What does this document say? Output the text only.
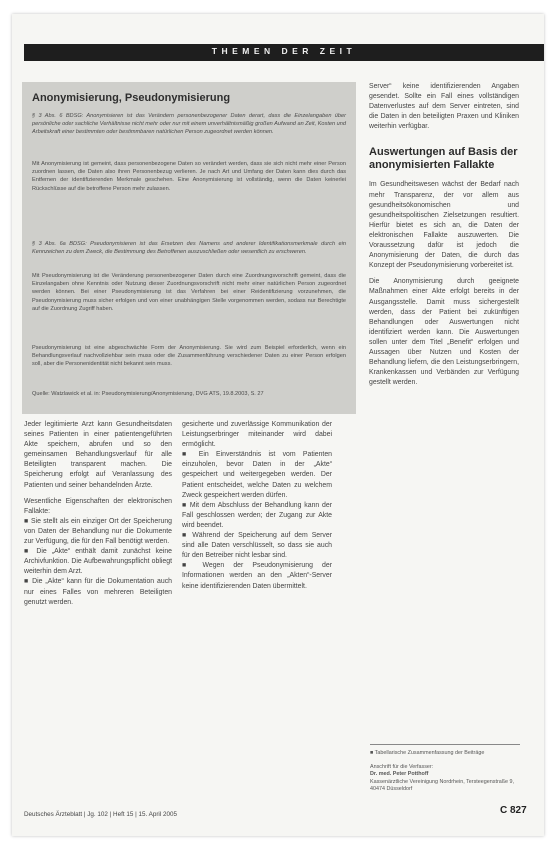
THEMEN DER ZEIT
Anonymisierung, Pseudonymisierung

§ 3 Abs. 6 BDSG: Anonymisieren ist das Verändern personenbezogener Daten derart, dass die Einzelangaben über persönliche oder sachliche Verhältnisse nicht mehr oder nur mit einem unverhältnismäßig großen Aufwand an Zeit, Kosten und Arbeitskraft einer bestimmten oder bestimmbaren natürlichen Person zugeordnet werden können.

Mit Anonymisierung ist gemeint, dass personenbezogene Daten so verändert werden, dass sie sich nicht mehr einer Person zuordnen lassen, die Daten also ihren Personenbezug verlieren. Je nach Art und Umfang der Daten kann dies durch das Entfernen der identifizierenden Merkmale geschehen. Eine Anonymisierung ist vollständig, wenn die Daten keinerlei Rückschlüsse auf die betroffene Person mehr zulassen.

§ 3 Abs. 6a BDSG: Pseudonymisieren ist das Ersetzen des Namens und anderer Identifikationsmerkmale durch ein Kennzeichen zu dem Zweck, die Bestimmung des Betroffenen auszuschließen oder wesentlich zu erschweren.

Mit Pseudonymisierung ist die Veränderung personenbezogener Daten durch eine Zuordnungsvorschrift gemeint, dass die Einzelangaben ohne Kenntnis oder Nutzung dieser Zuordnungsvorschrift nicht mehr einer natürlichen Person zugeordnet werden können. Bei einer Pseudonymisierung ist das Verfahren bei einer Reidentifizierung vorzunehmen, die Pseudonymisierung muss sicher erfolgen und von einer unabhängigen Stelle vorgenommen werden, sodass nur Berechtigte auf die Zuordnung Zugriff haben.

Pseudonymisierung ist eine abgeschwächte Form der Anonymisierung. Sie wird zum Beispiel erforderlich, wenn ein Behandlungsverlauf nachvollziehbar sein muss oder die Zusammenführung verschiedener Daten zu einer Person erfolgen soll, aber die Personenidentität nicht bekannt sein muss.

Quelle: Watzlawick et al. in: Pseudonymisierung/Anonymisierung, DVG ATS, 19.8.2003, S. 27

Jeder legitimierte Arzt kann Gesundheitsdaten seines Patienten in einer patientengeführten Akte speichern, abrufen und so den gemeinsamen Behandlungsverlauf für alle Beteiligten transparent machen. Die Speicherung erfolgt auf Veranlassung des Patienten und seiner behandelnden Ärzte.
Wesentliche Eigenschaften der elektronischen Fallakte:
■ Sie stellt als ein einziger Ort der Speicherung von Daten der Behandlung nur die Dokumente zur Verfügung, die für den Fall benötigt werden.
■ Die „Akte“ enthält damit zunächst keine Archivfunktion. Die Aufbewahrungspflicht obliegt weiterhin dem Arzt.
■ Die „Akte“ kann für die Dokumentation auch nur eines Falles von mehreren Beteiligten genutzt werden.
gesicherte und zuverlässige Kommunikation der Leistungserbringer miteinander wird dabei ermöglicht.
■ Ein Einverständnis ist vom Patienten einzuholen, bevor Daten in der „Akte“ gespeichert und weitergegeben werden. Der Patient entscheidet, welche Daten zu welchem Zweck gespeichert werden dürfen.
■ Mit dem Abschluss der Behandlung kann der Fall geschlossen werden; der Zugang zur Akte wird beendet.
■ Während der Speicherung auf dem Server sind alle Daten verschlüsselt, so dass sie auch für den Betreiber nicht lesbar sind.
■ Wegen der Pseudonymisierung der Informationen werden an den „Akten“-Server keine identifizierenden Daten übermittelt.
Server“ keine identifizierenden Angaben gesendet. Sollte ein Fall eines vollständigen Datenverlustes auf dem Server eintreten, sind die Daten in den beteiligten Praxen und Kliniken weiterhin verfügbar.
Auswertungen auf Basis der anonymisierten Fallakte
Im Gesundheitswesen wächst der Bedarf nach mehr Transparenz, der vor allem aus gesundheitsökonomischen und gesundheitspolitischen Zielsetzungen resultiert. Hierfür bietet es sich an, die Daten der elektronischen Fallakte auszuwerten. Die Voraussetzung dafür ist jedoch die Anonymisierung der Daten, die durch das Konzept der Pseudonymisierung vorbereitet ist.
Die Anonymisierung durch geeignete Maßnahmen einer Akte erfolgt bereits in der Ausgangsstelle. Damit muss sichergestellt werden, dass der Patient bei zukünftigen Behandlungen oder Auswertungen nicht identifiziert werden kann. Die Auswertungen sollen unter dem Titel „Benefit“ erfolgen und Aussagen über Nutzen und Kosten der Behandlung liefern, die den Leistungserbringern, Krankenkassen und Verbänden zur Verfügung gestellt werden.
■ Tabellarische Zusammenfassung der Beiträge
Anschrift für die Verfasser:
Dr. med. Peter Potthoff
Kassenärztliche Vereinigung Nordrhein, Tersteegenstraße 9, 40474 Düsseldorf
Deutsches Ärzteblatt | Jg. 102 | Heft 15 | 15. April 2005	C 827
